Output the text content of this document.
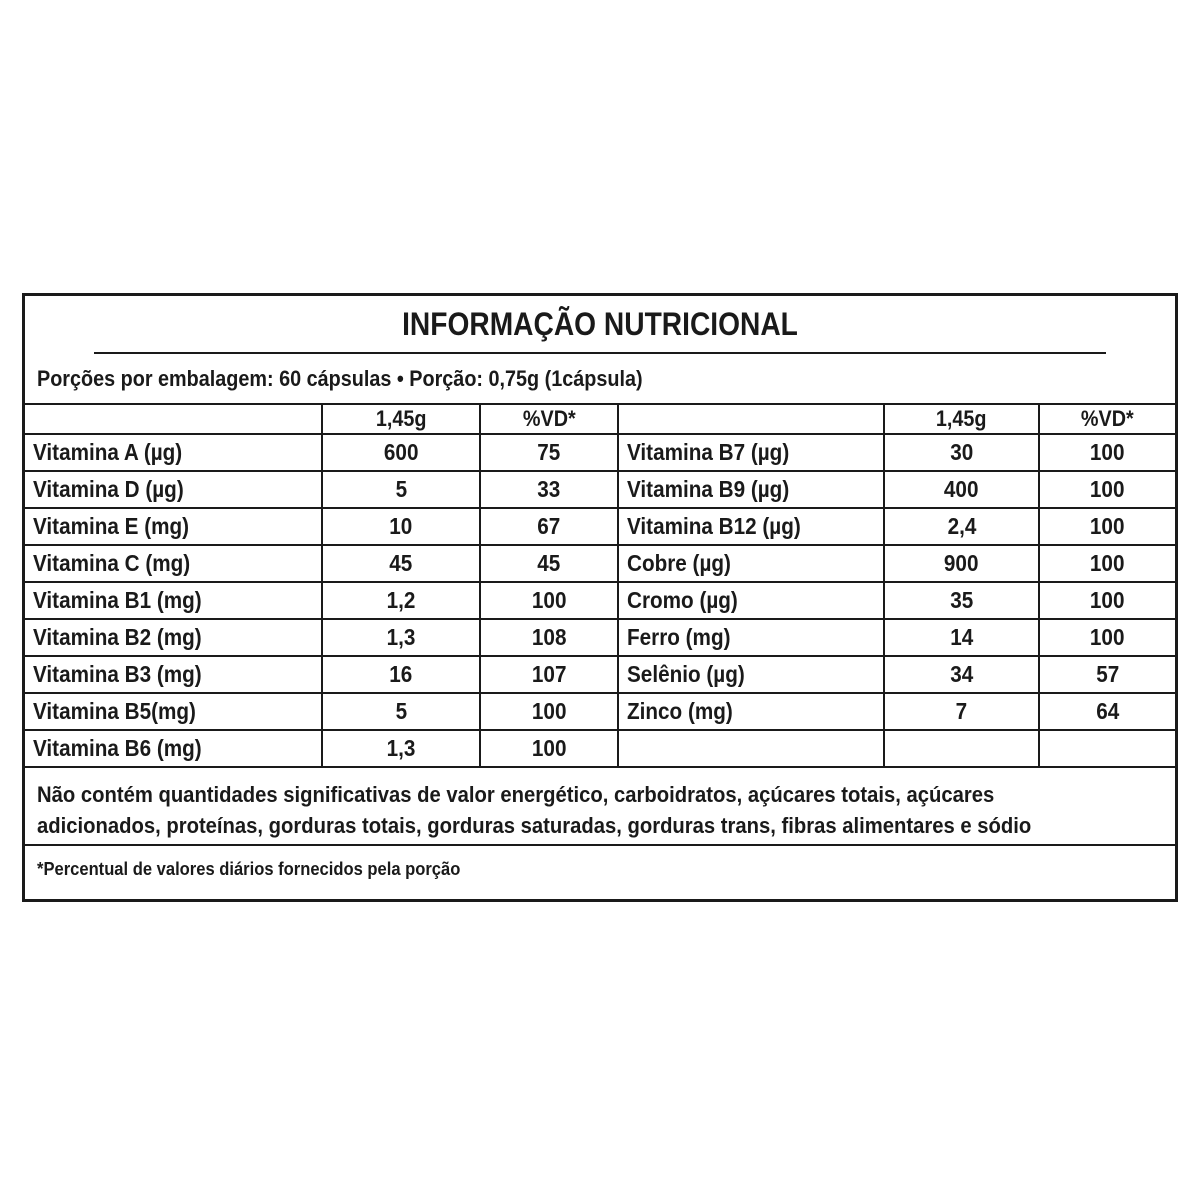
INFORMAÇÃO NUTRICIONAL
Porções por embalagem: 60 cápsulas • Porção: 0,75g (1cápsula)
	1,45g	%VD*		1,45g	%VD*
Vitamina A (µg)	600	75	Vitamina B7 (µg)	30	100
Vitamina D (µg)	5	33	Vitamina B9 (µg)	400	100
Vitamina E (mg)	10	67	Vitamina B12 (µg)	2,4	100
Vitamina C (mg)	45	45	Cobre (µg)	900	100
Vitamina B1 (mg)	1,2	100	Cromo (µg)	35	100
Vitamina B2 (mg)	1,3	108	Ferro (mg)	14	100
Vitamina B3 (mg)	16	107	Selênio (µg)	34	57
Vitamina B5(mg)	5	100	Zinco (mg)	7	64
Vitamina B6 (mg)	1,3	100			
Não contém quantidades significativas de valor energético, carboidratos, açúcares totais, açúcares
adicionados, proteínas, gorduras totais, gorduras saturadas, gorduras trans, fibras alimentares e sódio
*Percentual de valores diários fornecidos pela porção
